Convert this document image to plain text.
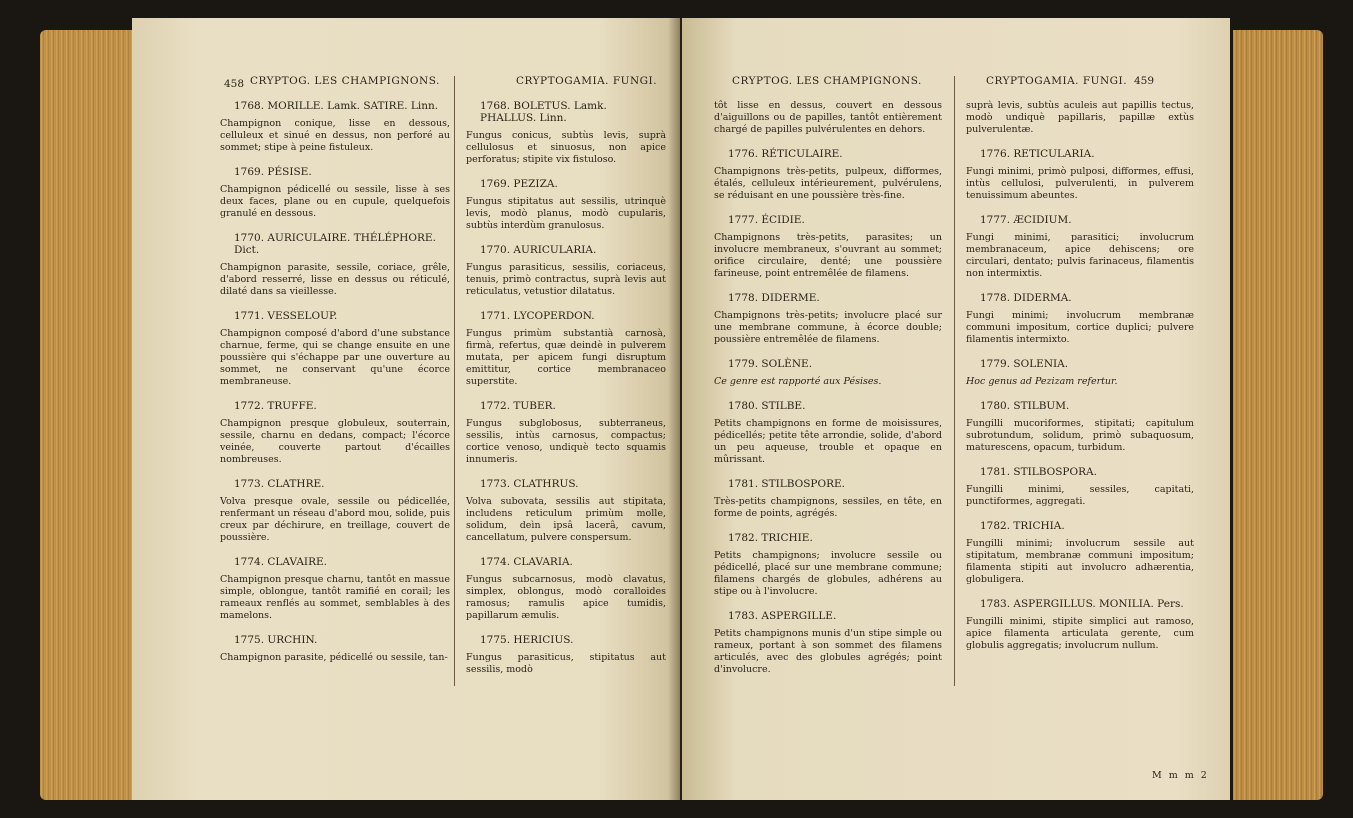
458 CRYPTOG. LES CHAMPIGNONS.
1768. MORILLE. Lamk. SATIRE. Linn.
Champignon conique, lisse en dessous, celluleux et sinué en dessus, non perforé au sommet; stipe à peine fistuleux.
1769. PÉSISE.
Champignon pédicellé ou sessile, lisse à ses deux faces, plane ou en cupule, quelquefois granulé en dessous.
1770. AURICULAIRE. THÉLÉPHORE. Dict.
Champignon parasite, sessile, coriace, grêle, d'abord resserré, lisse en dessus ou réticulé, dilaté dans sa vieillesse.
1771. VESSELOUP.
Champignon composé d'abord d'une substance charnue, ferme, qui se change ensuite en une poussière qui s'échappe par une ouverture au sommet, ne conservant qu'une écorce membraneuse.
1772. TRUFFE.
Champignon presque globuleux, souterrain, sessile, charnu en dedans, compact; l'écorce veinée, couverte partout d'écailles nombreuses.
1773. CLATHRE.
Volva presque ovale, sessile ou pédicellée, renfermant un réseau d'abord mou, solide, puis creux par déchirure, en treillage, couvert de poussière.
1774. CLAVAIRE.
Champignon presque charnu, tantôt en massue simple, oblongue, tantôt ramifié en corail; les rameaux renflés au sommet, semblables à des mamelons.
1775. URCHIN.
Champignon parasite, pédicellé ou sessile, tan-
CRYPTOGAMIA. FUNGI.
1768. BOLETUS. Lamk. PHALLUS. Linn.
Fungus conicus, subtùs levis, suprà cellulosus et sinuosus, non apice perforatus; stipite vix fistuloso.
1769. PEZIZA.
Fungus stipitatus aut sessilis, utrinquè levis, modò planus, modò cupularis, subtùs interdùm granulosus.
1770. AURICULARIA.
Fungus parasiticus, sessilis, coriaceus, tenuis, primò contractus, suprà levis aut reticulatus, vetustior dilatatus.
1771. LYCOPERDON.
Fungus primùm substantià carnosà, firmà, refertus, quæ deindè in pulverem mutata, per apicem fungi disruptum emittitur, cortice membranaceo superstite.
1772. TUBER.
Fungus subglobosus, subterraneus, sessilis, intùs carnosus, compactus; cortice venoso, undiquè tecto squamis innumeris.
1773. CLATHRUS.
Volva subovata, sessilis aut stipitata, includens reticulum primùm molle, solidum, deìn ipsâ lacerâ, cavum, cancellatum, pulvere conspersum.
1774. CLAVARIA.
Fungus subcarnosus, modò clavatus, simplex, oblongus, modò coralloides ramosus; ramulis apice tumidis, papillarum æmulis.
1775. HERICIUS.
Fungus parasiticus, stipitatus aut sessilis, modò
CRYPTOG. LES CHAMPIGNONS.
tôt lisse en dessus, couvert en dessous d'aiguillons ou de papilles, tantôt entièrement chargé de papilles pulvérulentes en dehors.
1776. RÉTICULAIRE.
Champignons très-petits, pulpeux, difformes, étalés, celluleux intérieurement, pulvérulens, se réduisant en une poussière très-fine.
1777. ÉCIDIE.
Champignons très-petits, parasites; un involucre membraneux, s'ouvrant au sommet; orifice circulaire, denté; une poussière farineuse, point entremêlée de filamens.
1778. DIDERME.
Champignons très-petits; involucre placé sur une membrane commune, à écorce double; poussière entremêlée de filamens.
1779. SOLÈNE.
Ce genre est rapporté aux Pésises.
1780. STILBE.
Petits champignons en forme de moisissures, pédicellés; petite tête arrondie, solide, d'abord un peu aqueuse, trouble et opaque en mûrissant.
1781. STILBOSPORE.
Très-petits champignons, sessiles, en tête, en forme de points, agrégés.
1782. TRICHIE.
Petits champignons; involucre sessile ou pédicellé, placé sur une membrane commune; filamens chargés de globules, adhérens au stipe ou à l'involucre.
1783. ASPERGILLE.
Petits champignons munis d'un stipe simple ou rameux, portant à son sommet des filamens articulés, avec des globules agrégés; point d'involucre.
CRYPTOGAMIA. FUNGI.
suprà levis, subtùs aculeis aut papillis tectus, modò undiquè papillaris, papillæ extùs pulverulentæ.
1776. RETICULARIA.
Fungi minimi, primò pulposi, difformes, effusi, intùs cellulosi, pulverulenti, in pulverem tenuissimum abeuntes.
1777. ÆCIDIUM.
Fungi minimi, parasitici; involucrum membranaceum, apice dehiscens; ore circulari, dentato; pulvis farinaceus, filamentis non intermixtis.
1778. DIDERMA.
Fungi minimi; involucrum membranæ communi impositum, cortice duplici; pulvere filamentis intermixto.
1779. SOLENIA.
Hoc genus ad Pezizam refertur.
1780. STILBUM.
Fungilli mucoriformes, stipitati; capitulum subrotundum, solidum, primò subaquosum, maturescens, opacum, turbidum.
1781. STILBOSPORA.
Fungilli minimi, sessiles, capitati, punctiformes, aggregati.
1782. TRICHIA.
Fungilli minimi; involucrum sessile aut stipitatum, membranæ communi impositum; filamenta stipiti aut involucro adhærentia, globuligera.
1783. ASPERGILLUS. MONILIA. Pers.
Fungilli minimi, stipite simplici aut ramoso, apice filamenta articulata gerente, cum globulis aggregatis; involucrum nullum.
459
M m m 2
